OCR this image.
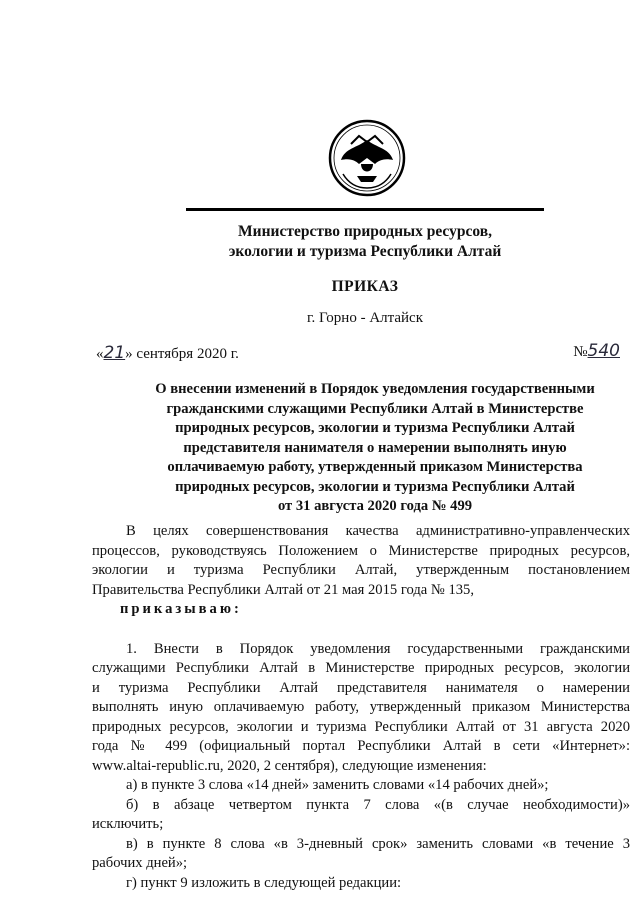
Министерство природных ресурсов,
экологии и туризма Республики Алтай
ПРИКАЗ
г. Горно - Алтайск
«21» сентября 2020 г.	№540
О внесении изменений в Порядок уведомления государственными
гражданскими служащими Республики Алтай в Министерстве
природных ресурсов, экологии и туризма Республики Алтай
представителя нанимателя о намерении выполнять иную
оплачиваемую работу, утвержденный приказом Министерства
природных ресурсов, экологии и туризма Республики Алтай
от 31 августа 2020 года № 499
В целях совершенствования качества административно-управленческих
процессов, руководствуясь Положением о Министерстве природных ресурсов,
экологии и туризма Республики Алтай, утвержденным постановлением
Правительства Республики Алтай от 21 мая 2015 года № 135,
приказываю:
1. Внести в Порядок уведомления государственными гражданскими
служащими Республики Алтай в Министерстве природных ресурсов, экологии
и туризма Республики Алтай представителя нанимателя о намерении
выполнять иную оплачиваемую работу, утвержденный приказом Министерства
природных ресурсов, экологии и туризма Республики Алтай от 31 августа 2020
года № 499 (официальный портал Республики Алтай в сети «Интернет»:
www.altai-republic.ru, 2020, 2 сентября), следующие изменения:
а) в пункте 3 слова «14 дней» заменить словами «14 рабочих дней»;
б) в абзаце четвертом пункта 7 слова «(в случае необходимости)»
исключить;
в) в пункте 8 слова «в 3-дневный срок» заменить словами «в течение 3
рабочих дней»;
г) пункт 9 изложить в следующей редакции:
